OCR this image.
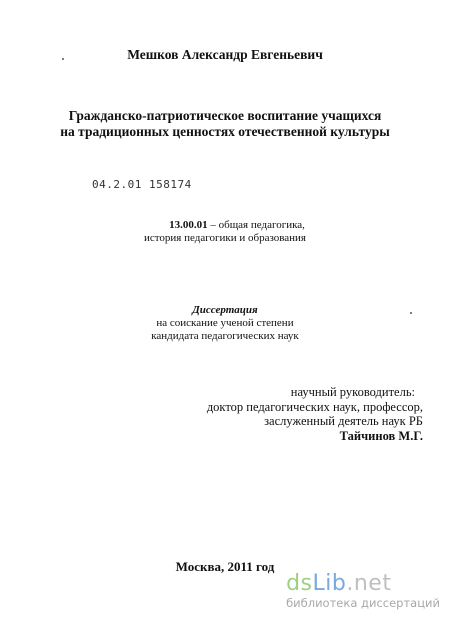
Мешков Александр Евгеньевич
Гражданско-патриотическое воспитание учащихся
на традиционных ценностях отечественной культуры
04.2.01 158174
13.00.01 – общая педагогика,
история педагогики и образования
Диссертация
на соискание ученой степени
кандидата педагогических наук
научный руководитель:
доктор педагогических наук, профессор,
заслуженный деятель наук РБ
Тайчинов М.Г.
Москва, 2011 год
dsLib.net
библиотека диссертаций
